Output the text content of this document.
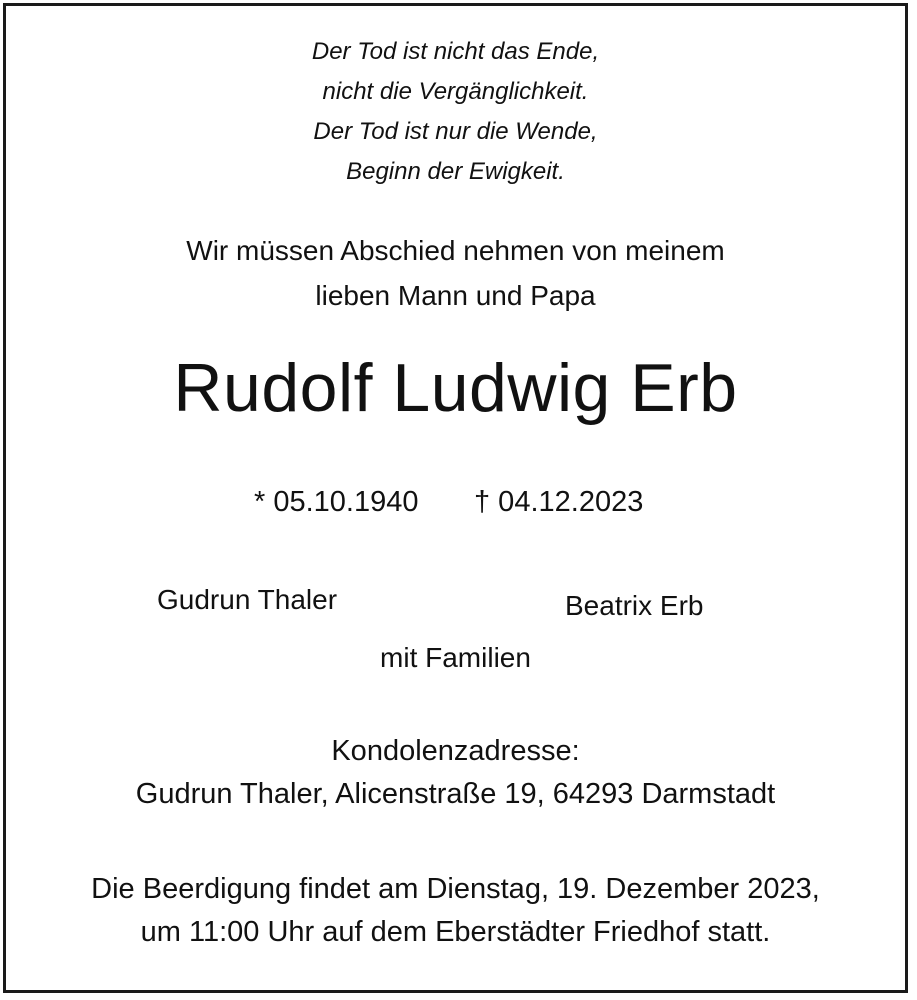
Der Tod ist nicht das Ende,
nicht die Vergänglichkeit.
Der Tod ist nur die Wende,
Beginn der Ewigkeit.
Wir müssen Abschied nehmen von meinem
lieben Mann und Papa
Rudolf Ludwig Erb
* 05.10.1940 † 04.12.2023
Gudrun Thaler	Beatrix Erb
mit Familien
Kondolenzadresse:
Gudrun Thaler, Alicenstraße 19, 64293 Darmstadt
Die Beerdigung findet am Dienstag, 19. Dezember 2023,
um 11:00 Uhr auf dem Eberstädter Friedhof statt.
